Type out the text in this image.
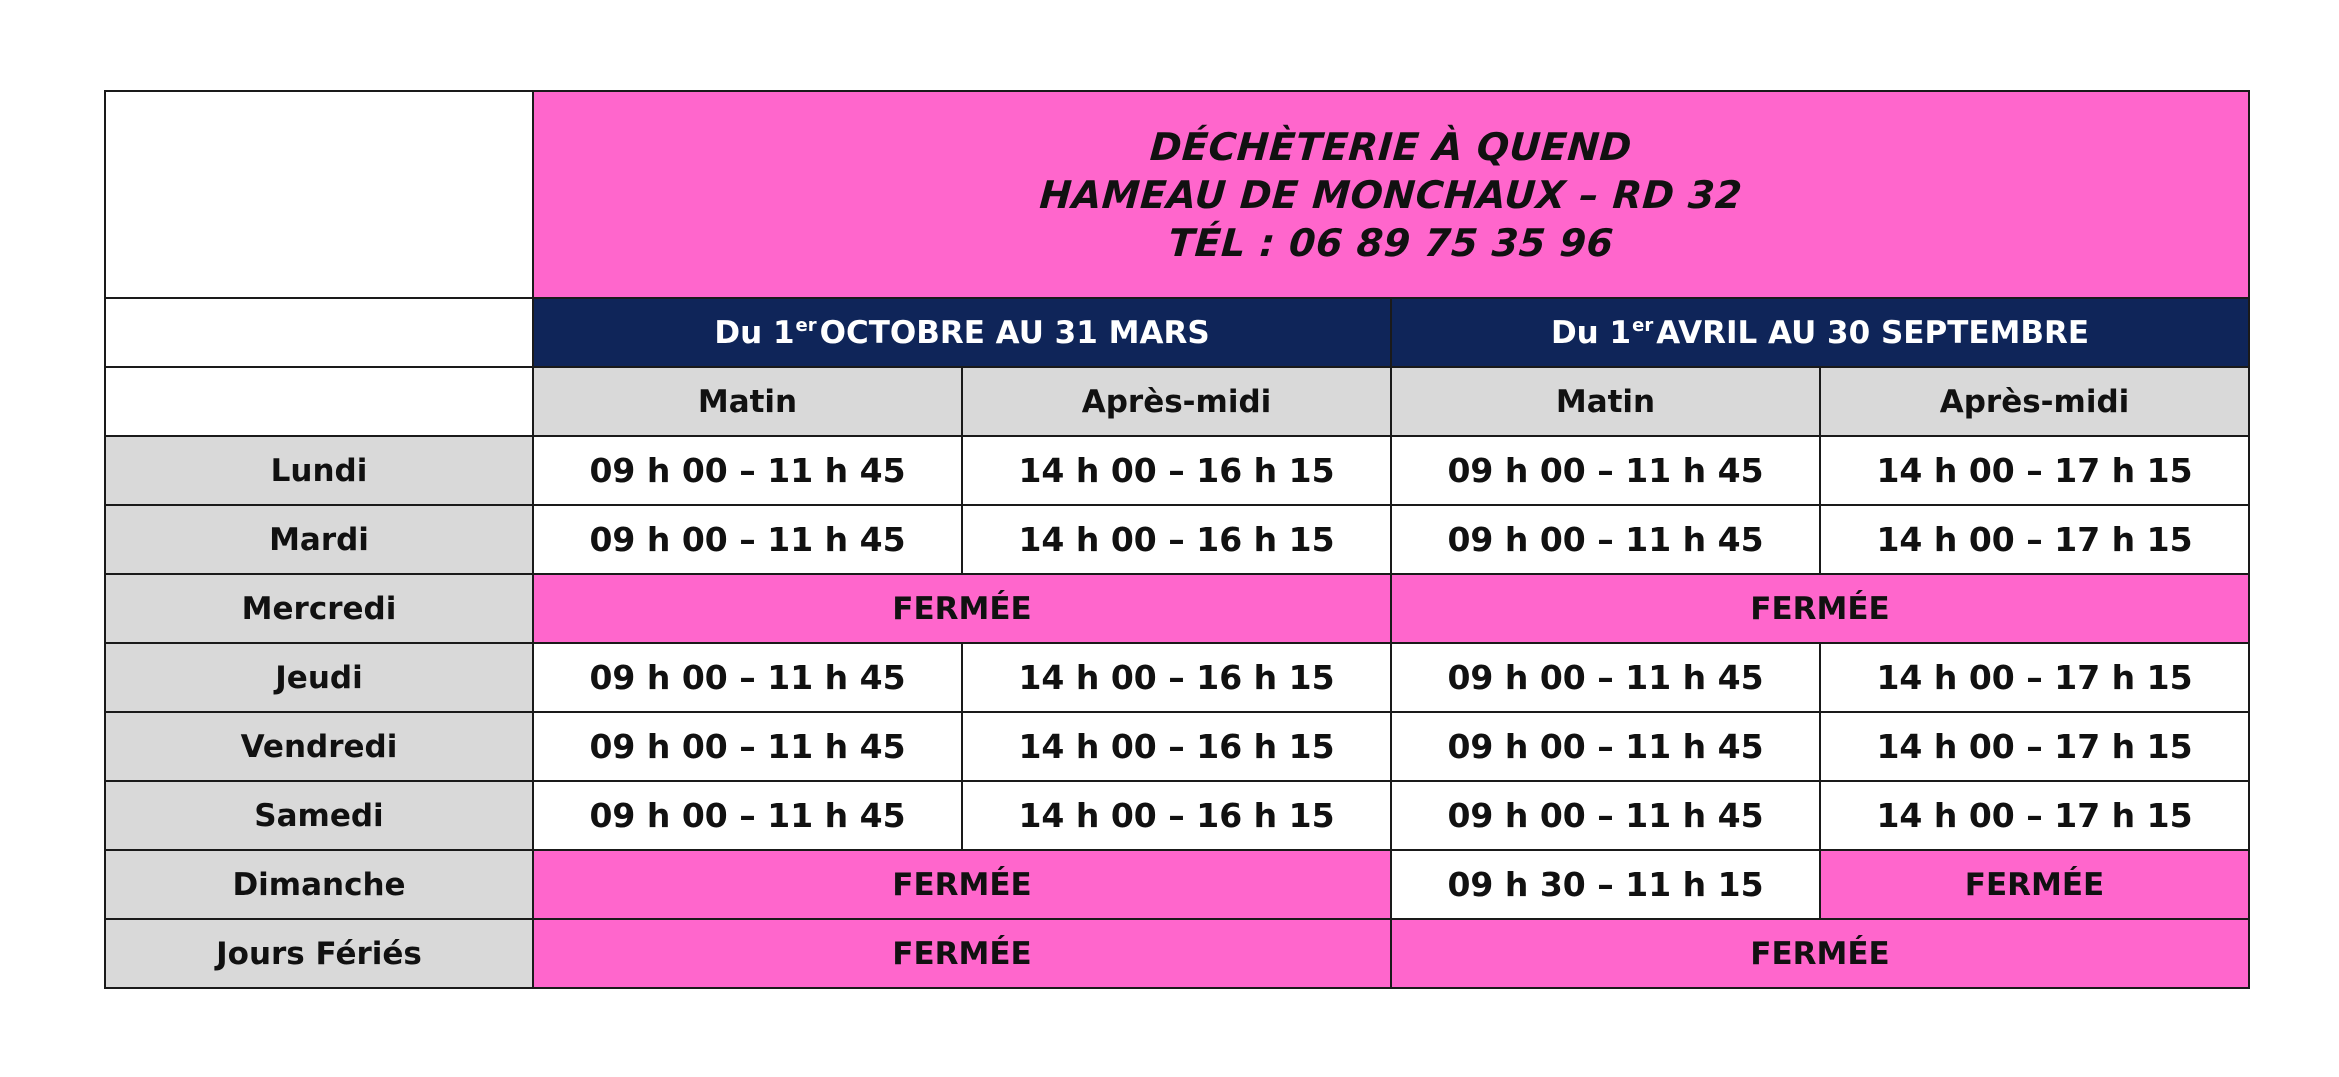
	DÉCHÈTERIE À QUEND
HAMEAU DE MONCHAUX – RD 32
TÉL : 06 89 75 35 96			

	Du 1erOCTOBRE AU 31 MARS		Du 1erAVRIL AU 30 SEPTEMBRE	
	Matin	Après-midi	Matin	Après-midi
Lundi	09 h 00 – 11 h 45	14 h 00 – 16 h 15	09 h 00 – 11 h 45	14 h 00 – 17 h 15
Mardi	09 h 00 – 11 h 45	14 h 00 – 16 h 15	09 h 00 – 11 h 45	14 h 00 – 17 h 15
Mercredi	FERMÉE		FERMÉE	
Jeudi	09 h 00 – 11 h 45	14 h 00 – 16 h 15	09 h 00 – 11 h 45	14 h 00 – 17 h 15
Vendredi	09 h 00 – 11 h 45	14 h 00 – 16 h 15	09 h 00 – 11 h 45	14 h 00 – 17 h 15
Samedi	09 h 00 – 11 h 45	14 h 00 – 16 h 15	09 h 00 – 11 h 45	14 h 00 – 17 h 15
Dimanche	FERMÉE		09 h 30 – 11 h 15	FERMÉE
Jours Fériés	FERMÉE		FERMÉE	
